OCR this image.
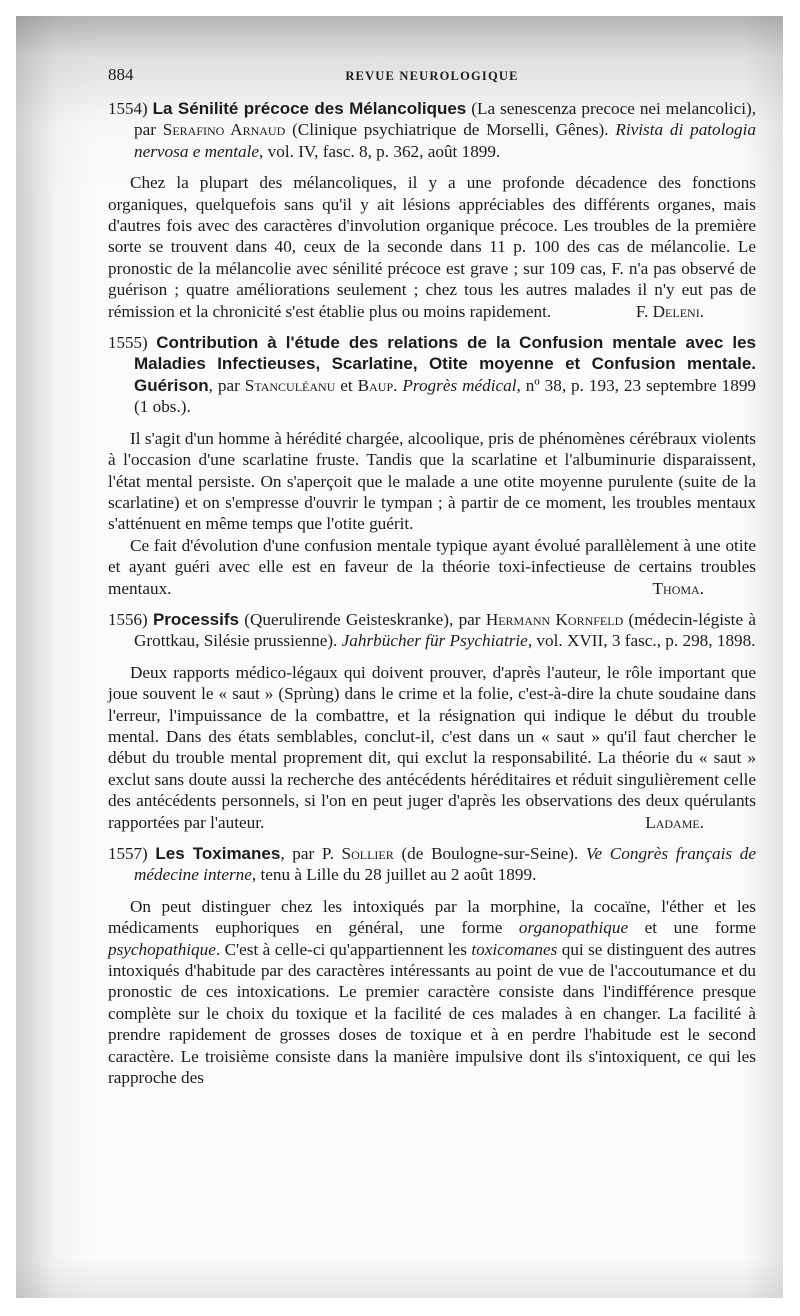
884	REVUE NEUROLOGIQUE
1554) La Sénilité précoce des Mélancoliques (La senescenza precoce nei melancolici), par Serafino Arnaud (Clinique psychiatrique de Morselli, Gênes). Rivista di patologia nervosa e mentale, vol. IV, fasc. 8, p. 362, août 1899.

Chez la plupart des mélancoliques, il y a une profonde décadence des fonctions organiques, quelquefois sans qu'il y ait lésions appréciables des différents organes, mais d'autres fois avec des caractères d'involution organique précoce. Les troubles de la première sorte se trouvent dans 40, ceux de la seconde dans 11 p. 100 des cas de mélancolie. Le pronostic de la mélancolie avec sénilité précoce est grave ; sur 109 cas, F. n'a pas observé de guérison ; quatre améliorations seulement ; chez tous les autres malades il n'y eut pas de rémission et la chronicité s'est établie plus ou moins rapidement.	F. Deleni.

1555) Contribution à l'étude des relations de la Confusion mentale avec les Maladies Infectieuses, Scarlatine, Otite moyenne et Confusion mentale. Guérison, par Stanculéanu et Baup. Progrès médical, nº 38, p. 193, 23 septembre 1899 (1 obs.).

Il s'agit d'un homme à hérédité chargée, alcoolique, pris de phénomènes cérébraux violents à l'occasion d'une scarlatine fruste. Tandis que la scarlatine et l'albuminurie disparaissent, l'état mental persiste. On s'aperçoit que le malade a une otite moyenne purulente (suite de la scarlatine) et on s'empresse d'ouvrir le tympan ; à partir de ce moment, les troubles mentaux s'atténuent en même temps que l'otite guérit.

Ce fait d'évolution d'une confusion mentale typique ayant évolué parallèlement à une otite et ayant guéri avec elle est en faveur de la théorie toxi-infectieuse de certains troubles mentaux.	Thoma.

1556) Processifs (Querulirende Geisteskranke), par Hermann Kornfeld (médecin-légiste à Grottkau, Silésie prussienne). Jahrbücher für Psychiatrie, vol. XVII, 3 fasc., p. 298, 1898.

Deux rapports médico-légaux qui doivent prouver, d'après l'auteur, le rôle important que joue souvent le « saut » (Sprùng) dans le crime et la folie, c'est-à-dire la chute soudaine dans l'erreur, l'impuissance de la combattre, et la résignation qui indique le début du trouble mental. Dans des états semblables, conclut-il, c'est dans un « saut » qu'il faut chercher le début du trouble mental proprement dit, qui exclut la responsabilité. La théorie du « saut » exclut sans doute aussi la recherche des antécédents héréditaires et réduit singulièrement celle des antécédents personnels, si l'on en peut juger d'après les observations des deux quérulants rapportées par l'auteur.	Ladame.

1557) Les Toximanes, par P. Sollier (de Boulogne-sur-Seine). Ve Congrès français de médecine interne, tenu à Lille du 28 juillet au 2 août 1899.

On peut distinguer chez les intoxiqués par la morphine, la cocaïne, l'éther et les médicaments euphoriques en général, une forme organopathique et une forme psychopathique. C'est à celle-ci qu'appartiennent les toxicomanes qui se distinguent des autres intoxiqués d'habitude par des caractères intéressants au point de vue de l'accoutumance et du pronostic de ces intoxications. Le premier caractère consiste dans l'indifférence presque complète sur le choix du toxique et la facilité de ces malades à en changer. La facilité à prendre rapidement de grosses doses de toxique et à en perdre l'habitude est le second caractère. Le troisième consiste dans la manière impulsive dont ils s'intoxiquent, ce qui les rapproche des
